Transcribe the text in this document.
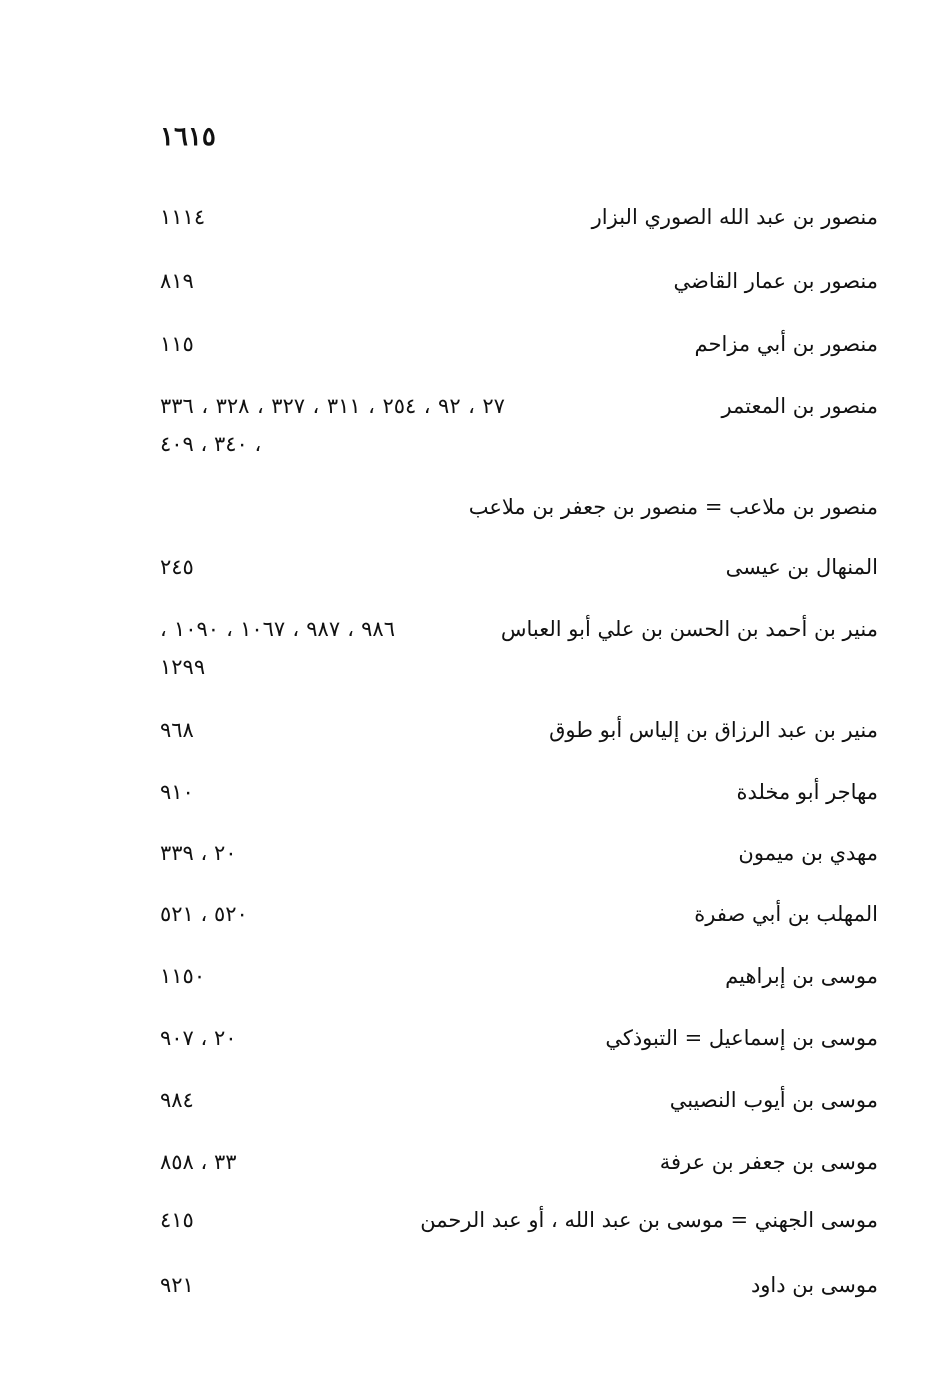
١٦١٥
منصور بن عبد الله الصوري البزار
١١١٤
منصور بن عمار القاضي
٨١٩
منصور بن أبي مزاحم
١١٥
منصور بن المعتمر
٢٧ ، ٩٢ ، ٢٥٤ ، ٣١١ ، ٣٢٧ ، ٣٢٨ ، ٣٣٦ ، ٣٤٠ ، ٤٠٩
منصور بن ملاعب = منصور بن جعفر بن ملاعب
المنهال بن عيسى
٢٤٥
منير بن أحمد بن الحسن بن علي أبو العباس
٩٨٦ ، ٩٨٧ ، ١٠٦٧ ، ١٠٩٠ ، ١٢٩٩
منير بن عبد الرزاق بن إلياس أبو طوق
٩٦٨
مهاجر أبو مخلدة
٩١٠
مهدي بن ميمون
٢٠ ، ٣٣٩
المهلب بن أبي صفرة
٥٢٠ ، ٥٢١
موسى بن إبراهيم
١١٥٠
موسى بن إسماعيل = التبوذكي
٢٠ ، ٩٠٧
موسى بن أيوب النصيبي
٩٨٤
موسى بن جعفر بن عرفة
٣٣ ، ٨٥٨
موسى الجهني = موسى بن عبد الله ، أو عبد الرحمن
٤١٥
موسى بن داود
٩٢١
